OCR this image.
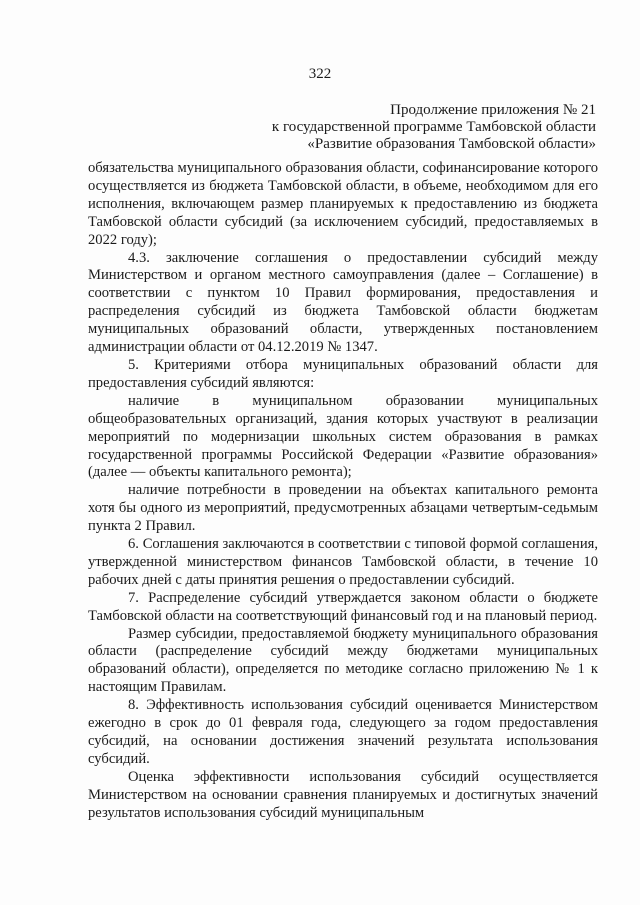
322
Продолжение приложения № 21
к государственной программе Тамбовской области
«Развитие образования Тамбовской области»

обязательства муниципального образования области, софинансирование которого осуществляется из бюджета Тамбовской области, в объеме, необходимом для его исполнения, включающем размер планируемых к предоставлению из бюджета Тамбовской области субсидий (за исключением субсидий, предоставляемых в 2022 году);

4.3. заключение соглашения о предоставлении субсидий между Министерством и органом местного самоуправления (далее – Соглашение) в соответствии с пунктом 10 Правил формирования, предоставления и распределения субсидий из бюджета Тамбовской области бюджетам муниципальных образований области, утвержденных постановлением администрации области от 04.12.2019 № 1347.

5. Критериями отбора муниципальных образований области для предоставления субсидий являются:

наличие в муниципальном образовании муниципальных общеобразовательных организаций, здания которых участвуют в реализации мероприятий по модернизации школьных систем образования в рамках государственной программы Российской Федерации «Развитие образования» (далее — объекты капитального ремонта);

наличие потребности в проведении на объектах капитального ремонта хотя бы одного из мероприятий, предусмотренных абзацами четвертым-седьмым пункта 2 Правил.

6. Соглашения заключаются в соответствии с типовой формой соглашения, утвержденной министерством финансов Тамбовской области, в течение 10 рабочих дней с даты принятия решения о предоставлении субсидий.

7. Распределение субсидий утверждается законом области о бюджете Тамбовской области на соответствующий финансовый год и на плановый период.

Размер субсидии, предоставляемой бюджету муниципального образования области (распределение субсидий между бюджетами муниципальных образований области), определяется по методике согласно приложению № 1 к настоящим Правилам.

8. Эффективность использования субсидий оценивается Министерством ежегодно в срок до 01 февраля года, следующего за годом предоставления субсидий, на основании достижения значений результата использования субсидий.

Оценка эффективности использования субсидий осуществляется Министерством на основании сравнения планируемых и достигнутых значений результатов использования субсидий муниципальным
